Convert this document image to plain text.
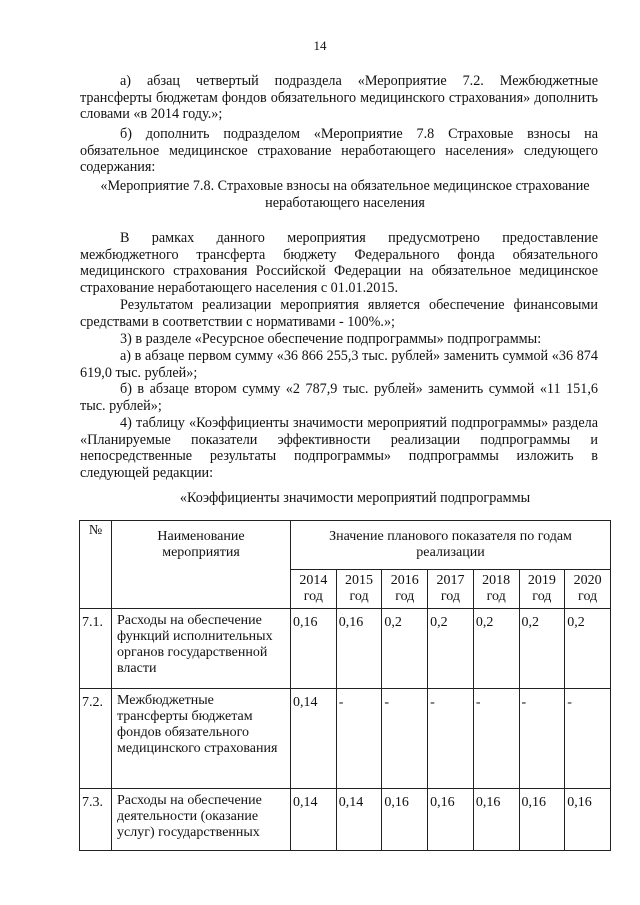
14

а) абзац четвертый подраздела «Мероприятие 7.2. Межбюджетные трансферты бюджетам фондов обязательного медицинского страхования» дополнить словами «в 2014 году.»;

б) дополнить подразделом «Мероприятие 7.8 Страховые взносы на обязательное медицинское страхование неработающего населения» следующего содержания:

«Мероприятие 7.8. Страховые взносы на обязательное медицинское страхование неработающего населения

В рамках данного мероприятия предусмотрено предоставление межбюджетного трансферта бюджету Федерального фонда обязательного медицинского страхования Российской Федерации на обязательное медицинское страхование неработающего населения с 01.01.2015.

Результатом реализации мероприятия является обеспечение финансовыми средствами в соответствии с нормативами - 100%.»;

3) в разделе «Ресурсное обеспечение подпрограммы» подпрограммы:

а) в абзаце первом сумму «36 866 255,3 тыс. рублей» заменить суммой «36 874 619,0 тыс. рублей»;

б) в абзаце втором сумму «2 787,9 тыс. рублей» заменить суммой «11 151,6 тыс. рублей»;

4) таблицу «Коэффициенты значимости мероприятий подпрограммы» раздела «Планируемые показатели эффективности реализации подпрограммы и непосредственные результаты подпрограммы» подпрограммы изложить в следующей редакции:

«Коэффициенты значимости мероприятий подпрограммы

№	Наименование мероприятия	Значение планового показателя по годам реализации						
		2014 год	2015 год	2016 год	2017 год	2018 год	2019 год	2020 год
7.1.	Расходы на обеспечение функций исполнительных органов государственной власти	0,16	0,16	0,2	0,2	0,2	0,2	0,2
7.2.	Межбюджетные трансферты бюджетам фондов обязательного медицинского страхования	0,14	-	-	-	-	-	-
7.3.	Расходы на обеспечение деятельности (оказание услуг) государственных	0,14	0,14	0,16	0,16	0,16	0,16	0,16
